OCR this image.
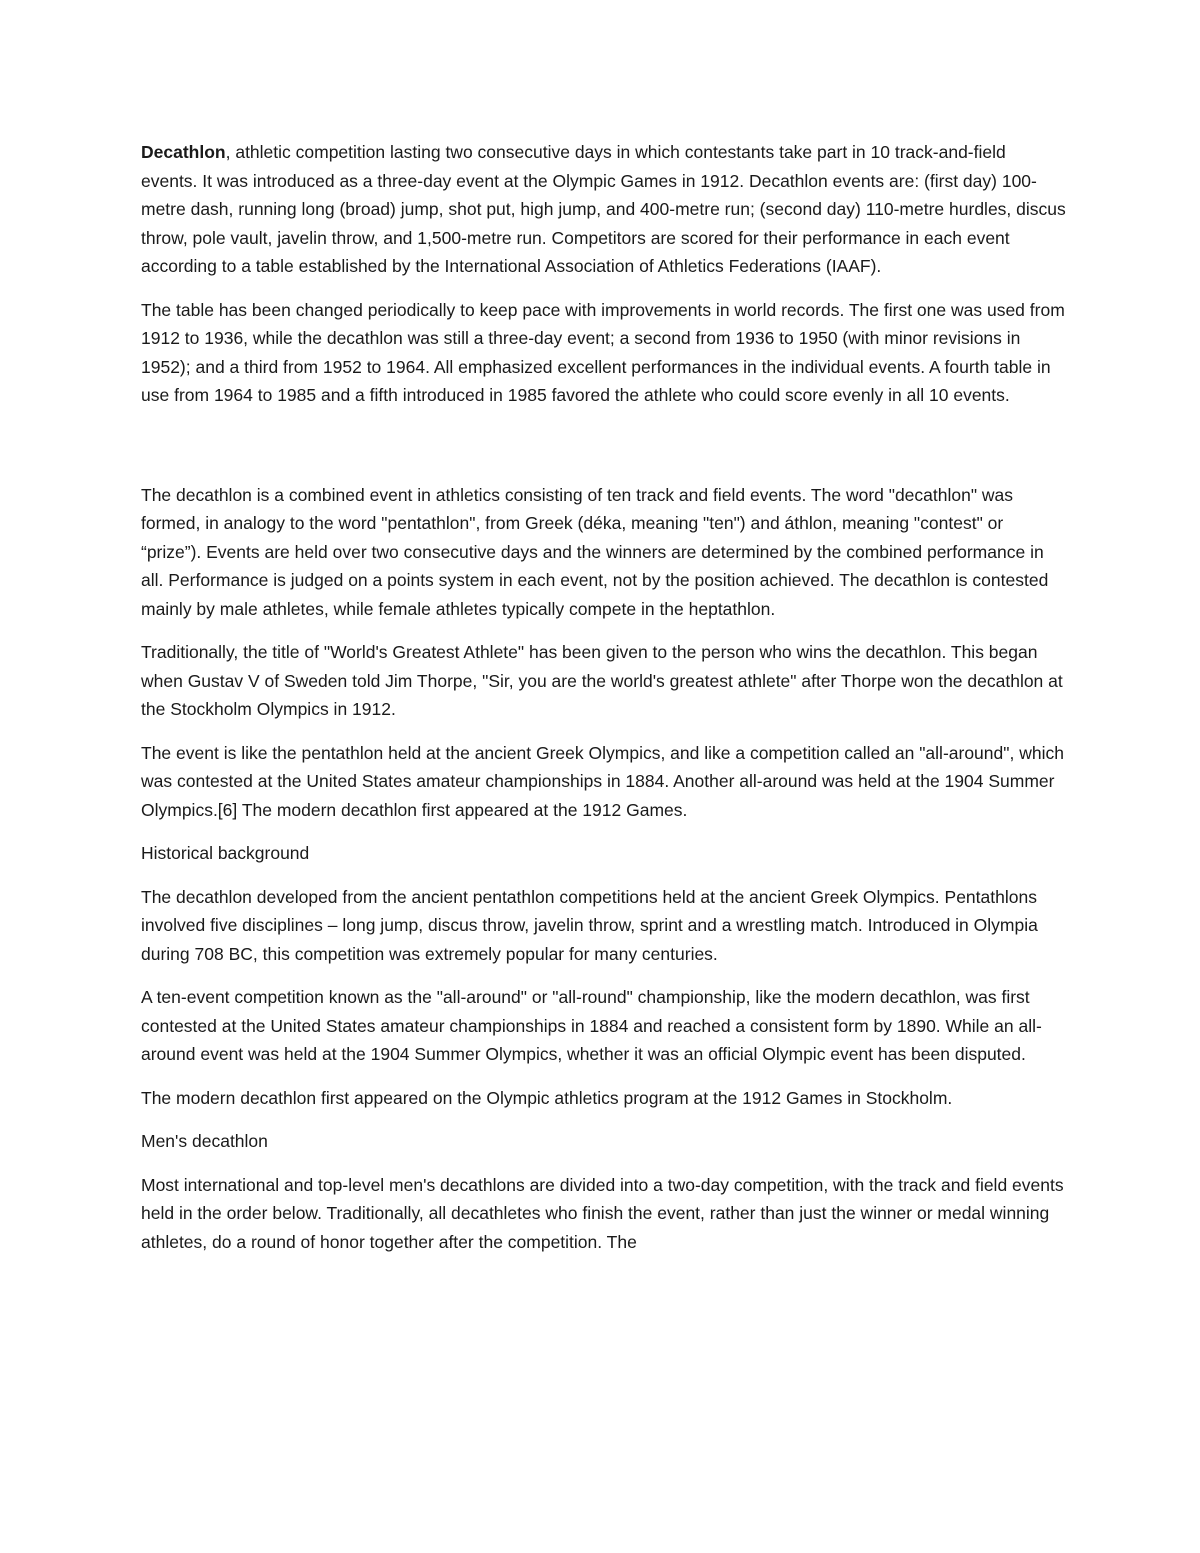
Decathlon, athletic competition lasting two consecutive days in which contestants take part in 10 track-and-field events. It was introduced as a three-day event at the Olympic Games in 1912. Decathlon events are: (first day) 100-metre dash, running long (broad) jump, shot put, high jump, and 400-metre run; (second day) 110-metre hurdles, discus throw, pole vault, javelin throw, and 1,500-metre run. Competitors are scored for their performance in each event according to a table established by the International Association of Athletics Federations (IAAF).

The table has been changed periodically to keep pace with improvements in world records. The first one was used from 1912 to 1936, while the decathlon was still a three-day event; a second from 1936 to 1950 (with minor revisions in 1952); and a third from 1952 to 1964. All emphasized excellent performances in the individual events. A fourth table in use from 1964 to 1985 and a fifth introduced in 1985 favored the athlete who could score evenly in all 10 events.

The decathlon is a combined event in athletics consisting of ten track and field events. The word "decathlon" was formed, in analogy to the word "pentathlon", from Greek (déka, meaning "ten") and áthlon, meaning "contest" or “prize”). Events are held over two consecutive days and the winners are determined by the combined performance in all. Performance is judged on a points system in each event, not by the position achieved. The decathlon is contested mainly by male athletes, while female athletes typically compete in the heptathlon.

Traditionally, the title of "World's Greatest Athlete" has been given to the person who wins the decathlon. This began when Gustav V of Sweden told Jim Thorpe, "Sir, you are the world's greatest athlete" after Thorpe won the decathlon at the Stockholm Olympics in 1912.

The event is like the pentathlon held at the ancient Greek Olympics, and like a competition called an "all-around", which was contested at the United States amateur championships in 1884. Another all-around was held at the 1904 Summer Olympics.[6] The modern decathlon first appeared at the 1912 Games.

Historical background

The decathlon developed from the ancient pentathlon competitions held at the ancient Greek Olympics. Pentathlons involved five disciplines – long jump, discus throw, javelin throw, sprint and a wrestling match. Introduced in Olympia during 708 BC, this competition was extremely popular for many centuries.

A ten-event competition known as the "all-around" or "all-round" championship, like the modern decathlon, was first contested at the United States amateur championships in 1884 and reached a consistent form by 1890. While an all-around event was held at the 1904 Summer Olympics, whether it was an official Olympic event has been disputed.

The modern decathlon first appeared on the Olympic athletics program at the 1912 Games in Stockholm.

Men's decathlon

Most international and top-level men's decathlons are divided into a two-day competition, with the track and field events held in the order below. Traditionally, all decathletes who finish the event, rather than just the winner or medal winning athletes, do a round of honor together after the competition. The
